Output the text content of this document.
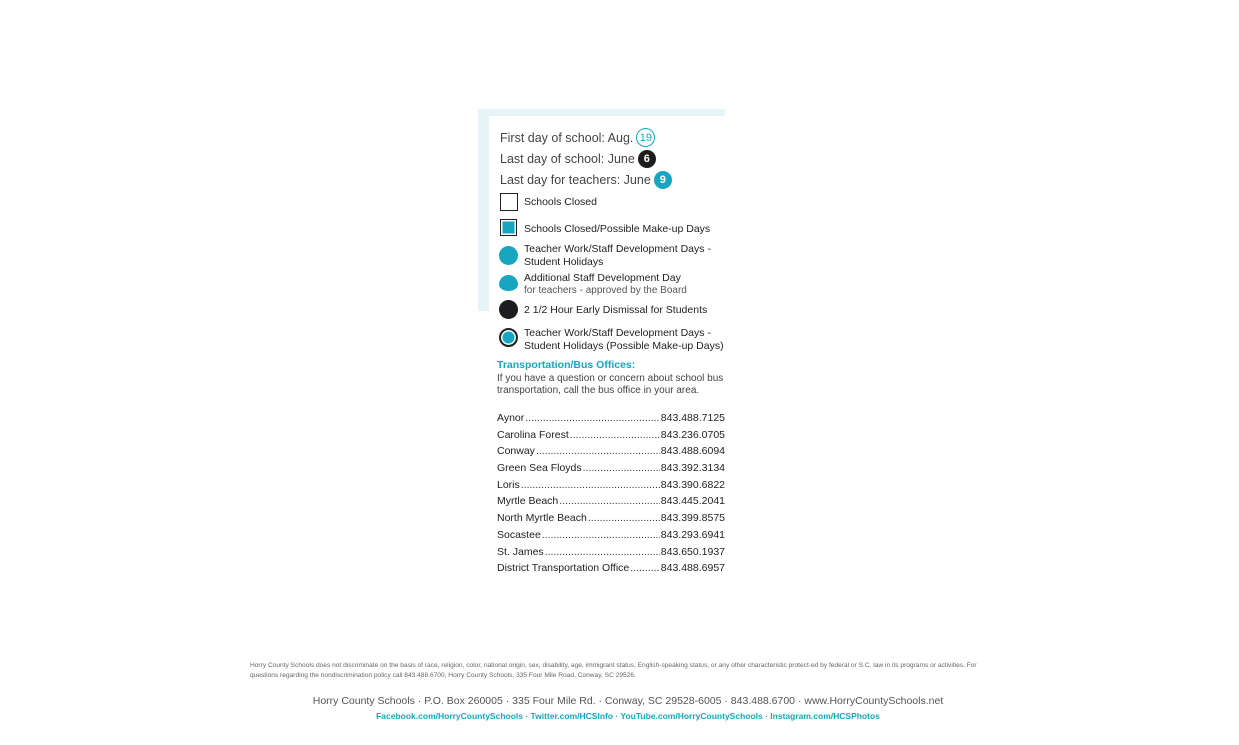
First day of school: Aug. 19
Last day of school: June 6
Last day for teachers: June 9
Schools Closed
Schools Closed/Possible Make-up Days
Teacher Work/Staff Development Days -
Student Holidays
Additional Staff Development Day
for teachers - approved by the Board
2 1/2 Hour Early Dismissal for Students
Teacher Work/Staff Development Days -
Student Holidays (Possible Make-up Days)
Transportation/Bus Offices:
If you have a question or concern about school bus transportation, call the bus office in your area.
Aynor .....	843.488.7125
Carolina Forest .....	843.236.0705
Conway .....	843.488.6094
Green Sea Floyds .....	843.392.3134
Loris .....	843.390.6822
Myrtle Beach .....	843.445.2041
North Myrtle Beach .....	843.399.8575
Socastee .....	843.293.6941
St. James .....	843.650.1937
District Transportation Office .....	843.488.6957
Horry County Schools does not discriminate on the basis of race, religion, color, national origin, sex, disability, age, immigrant status, English-speaking status, or any other characteristic protect-ed by federal or S.C. law in its programs or activities. For questions regarding the nondiscrimination policy call 843.488.6700, Horry County Schools, 335 Four Mile Road, Conway, SC 29526.
Horry County Schools · P.O. Box 260005 · 335 Four Mile Rd. · Conway, SC 29528-6005 · 843.488.6700 · www.HorryCountySchools.net
Facebook.com/HorryCountySchools · Twitter.com/HCSInfo · YouTube.com/HorryCountySchools · Instagram.com/HCSPhotos
